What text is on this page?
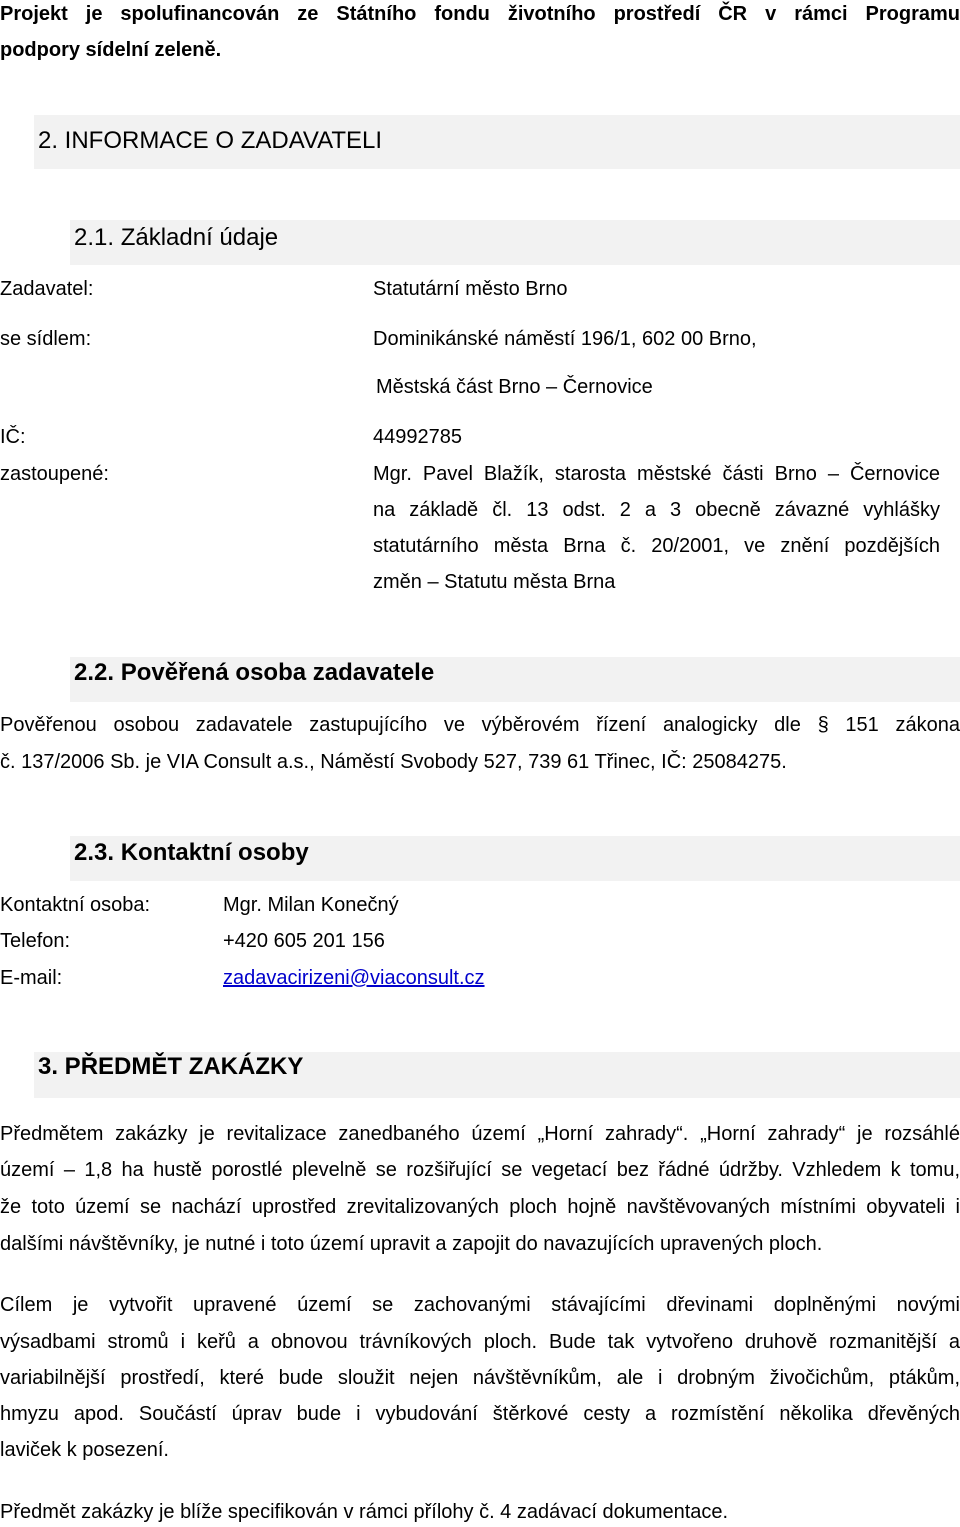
Projekt je spolufinancován ze Státního fondu životního prostředí ČR v rámci Programu
podpory sídelní zeleně.
2. INFORMACE O ZADAVATELI
2.1. Základní údaje
Zadavatel:	Statutární město Brno
se sídlem:	Dominikánské náměstí 196/1, 602 00 Brno,
Městská část Brno – Černovice
IČ:	44992785
zastoupené:	Mgr. Pavel Blažík, starosta městské části Brno – Černovice
na základě čl. 13 odst. 2 a 3 obecně závazné vyhlášky
statutárního města Brna č. 20/2001, ve znění pozdějších
změn – Statutu města Brna
2.2. Pověřená osoba zadavatele
Pověřenou osobou zadavatele zastupujícího ve výběrovém řízení analogicky dle § 151 zákona
č. 137/2006 Sb. je VIA Consult a.s., Náměstí Svobody 527, 739 61 Třinec, IČ: 25084275.
2.3. Kontaktní osoby
Kontaktní osoba:	Mgr. Milan Konečný
Telefon:	+420 605 201 156
E-mail:	zadavacirizeni@viaconsult.cz
3. PŘEDMĚT ZAKÁZKY
Předmětem zakázky je revitalizace zanedbaného území „Horní zahrady“. „Horní zahrady“ je rozsáhlé
území – 1,8 ha hustě porostlé plevelně se rozšiřující se vegetací bez řádné údržby. Vzhledem k tomu,
že toto území se nachází uprostřed zrevitalizovaných ploch hojně navštěvovaných místními obyvateli i
dalšími návštěvníky, je nutné i toto území upravit a zapojit do navazujících upravených ploch.
Cílem je vytvořit upravené území se zachovanými stávajícími dřevinami doplněnými novými
výsadbami stromů i keřů a obnovou trávníkových ploch. Bude tak vytvořeno druhově rozmanitější a
variabilnější prostředí, které bude sloužit nejen návštěvníkům, ale i drobným živočichům, ptákům,
hmyzu apod. Součástí úprav bude i vybudování štěrkové cesty a rozmístění několika dřevěných
laviček k posezení.
Předmět zakázky je blíže specifikován v rámci přílohy č. 4 zadávací dokumentace.
